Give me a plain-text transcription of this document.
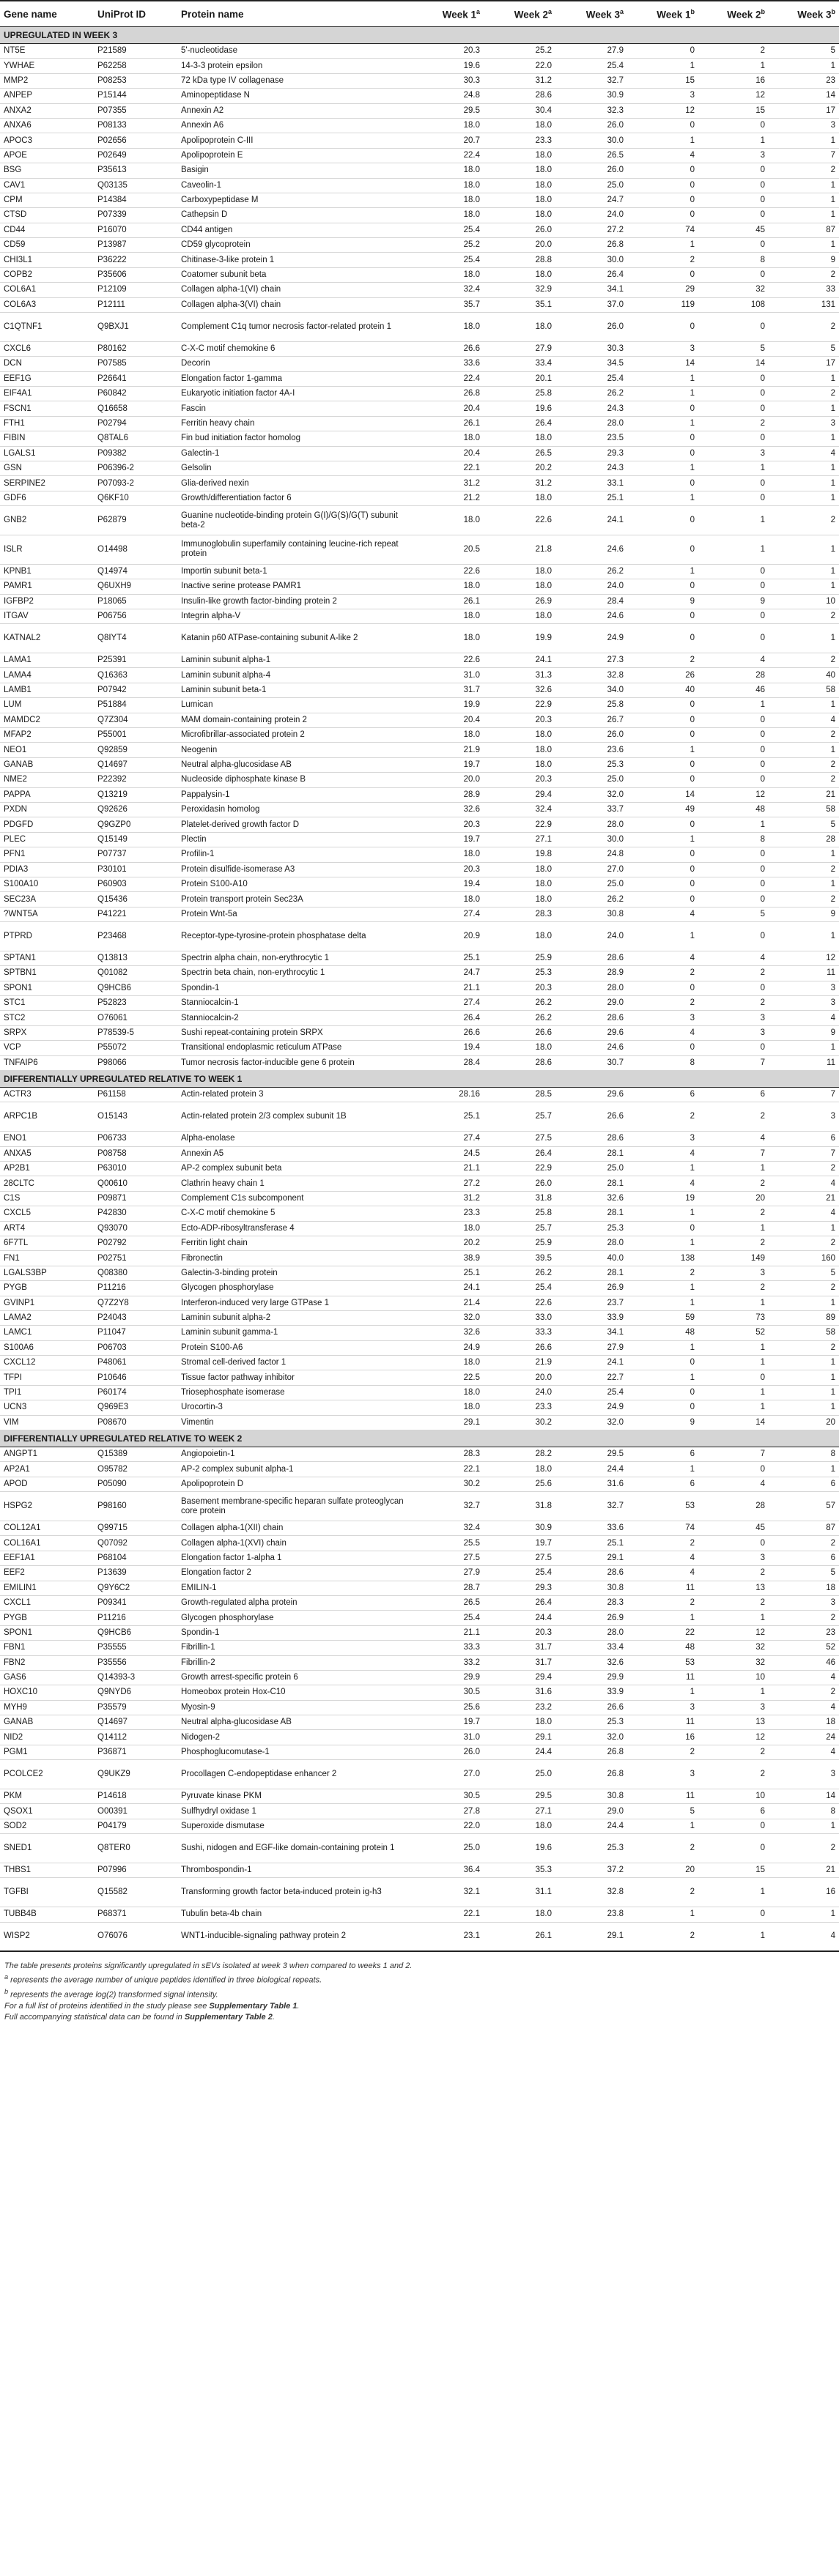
Gene name	UniProt ID	Protein name	Week 1$^a$	Week 2$^a$	Week 3$^a$	Week 1$^b$	Week 2$^b$	Week 3$^b$
UPREGULATED IN WEEK 3								
NT5E	P21589	5'-nucleotidase	20.3	25.2	27.9	0	2	5
YWHAE	P62258	14-3-3 protein epsilon	19.6	22.0	25.4	1	1	1
MMP2	P08253	72 kDa type IV collagenase	30.3	31.2	32.7	15	16	23
ANPEP	P15144	Aminopeptidase N	24.8	28.6	30.9	3	12	14
ANXA2	P07355	Annexin A2	29.5	30.4	32.3	12	15	17
ANXA6	P08133	Annexin A6	18.0	18.0	26.0	0	0	3
APOC3	P02656	Apolipoprotein C-III	20.7	23.3	30.0	1	1	1
APOE	P02649	Apolipoprotein E	22.4	18.0	26.5	4	3	7
BSG	P35613	Basigin	18.0	18.0	26.0	0	0	2
CAV1	Q03135	Caveolin-1	18.0	18.0	25.0	0	0	1
CPM	P14384	Carboxypeptidase M	18.0	18.0	24.7	0	0	1
CTSD	P07339	Cathepsin D	18.0	18.0	24.0	0	0	1
CD44	P16070	CD44 antigen	25.4	26.0	27.2	74	45	87
CD59	P13987	CD59 glycoprotein	25.2	20.0	26.8	1	0	1
CHI3L1	P36222	Chitinase-3-like protein 1	25.4	28.8	30.0	2	8	9
COPB2	P35606	Coatomer subunit beta	18.0	18.0	26.4	0	0	2
COL6A1	P12109	Collagen alpha-1(VI) chain	32.4	32.9	34.1	29	32	33
COL6A3	P12111	Collagen alpha-3(VI) chain	35.7	35.1	37.0	119	108	131
C1QTNF1	Q9BXJ1	Complement C1q tumor necrosis factor-related protein 1	18.0	18.0	26.0	0	0	2
CXCL6	P80162	C-X-C motif chemokine 6	26.6	27.9	30.3	3	5	5
DCN	P07585	Decorin	33.6	33.4	34.5	14	14	17
EEF1G	P26641	Elongation factor 1-gamma	22.4	20.1	25.4	1	0	1
EIF4A1	P60842	Eukaryotic initiation factor 4A-I	26.8	25.8	26.2	1	0	2
FSCN1	Q16658	Fascin	20.4	19.6	24.3	0	0	1
FTH1	P02794	Ferritin heavy chain	26.1	26.4	28.0	1	2	3
FIBIN	Q8TAL6	Fin bud initiation factor homolog	18.0	18.0	23.5	0	0	1
LGALS1	P09382	Galectin-1	20.4	26.5	29.3	0	3	4
GSN	P06396-2	Gelsolin	22.1	20.2	24.3	1	1	1
SERPINE2	P07093-2	Glia-derived nexin	31.2	31.2	33.1	0	0	1
GDF6	Q6KF10	Growth/differentiation factor 6	21.2	18.0	25.1	1	0	1
GNB2	P62879	Guanine nucleotide-binding protein G(I)/G(S)/G(T) subunit beta-2	18.0	22.6	24.1	0	1	2
ISLR	O14498	Immunoglobulin superfamily containing leucine-rich repeat protein	20.5	21.8	24.6	0	1	1
KPNB1	Q14974	Importin subunit beta-1	22.6	18.0	26.2	1	0	1
PAMR1	Q6UXH9	Inactive serine protease PAMR1	18.0	18.0	24.0	0	0	1
IGFBP2	P18065	Insulin-like growth factor-binding protein 2	26.1	26.9	28.4	9	9	10
ITGAV	P06756	Integrin alpha-V	18.0	18.0	24.6	0	0	2
KATNAL2	Q8IYT4	Katanin p60 ATPase-containing subunit A-like 2	18.0	19.9	24.9	0	0	1
LAMA1	P25391	Laminin subunit alpha-1	22.6	24.1	27.3	2	4	2
LAMA4	Q16363	Laminin subunit alpha-4	31.0	31.3	32.8	26	28	40
LAMB1	P07942	Laminin subunit beta-1	31.7	32.6	34.0	40	46	58
LUM	P51884	Lumican	19.9	22.9	25.8	0	1	1
MAMDC2	Q7Z304	MAM domain-containing protein 2	20.4	20.3	26.7	0	0	4
MFAP2	P55001	Microfibrillar-associated protein 2	18.0	18.0	26.0	0	0	2
NEO1	Q92859	Neogenin	21.9	18.0	23.6	1	0	1
GANAB	Q14697	Neutral alpha-glucosidase AB	19.7	18.0	25.3	0	0	2
NME2	P22392	Nucleoside diphosphate kinase B	20.0	20.3	25.0	0	0	2
PAPPA	Q13219	Pappalysin-1	28.9	29.4	32.0	14	12	21
PXDN	Q92626	Peroxidasin homolog	32.6	32.4	33.7	49	48	58
PDGFD	Q9GZP0	Platelet-derived growth factor D	20.3	22.9	28.0	0	1	5
PLEC	Q15149	Plectin	19.7	27.1	30.0	1	8	28
PFN1	P07737	Profilin-1	18.0	19.8	24.8	0	0	1
PDIA3	P30101	Protein disulfide-isomerase A3	20.3	18.0	27.0	0	0	2
S100A10	P60903	Protein S100-A10	19.4	18.0	25.0	0	0	1
SEC23A	Q15436	Protein transport protein Sec23A	18.0	18.0	26.2	0	0	2
?WNT5A	P41221	Protein Wnt-5a	27.4	28.3	30.8	4	5	9
PTPRD	P23468	Receptor-type-tyrosine-protein phosphatase delta	20.9	18.0	24.0	1	0	1
SPTAN1	Q13813	Spectrin alpha chain, non-erythrocytic 1	25.1	25.9	28.6	4	4	12
SPTBN1	Q01082	Spectrin beta chain, non-erythrocytic 1	24.7	25.3	28.9	2	2	11
SPON1	Q9HCB6	Spondin-1	21.1	20.3	28.0	0	0	3
STC1	P52823	Stanniocalcin-1	27.4	26.2	29.0	2	2	3
STC2	O76061	Stanniocalcin-2	26.4	26.2	28.6	3	3	4
SRPX	P78539-5	Sushi repeat-containing protein SRPX	26.6	26.6	29.6	4	3	9
VCP	P55072	Transitional endoplasmic reticulum ATPase	19.4	18.0	24.6	0	0	1
TNFAIP6	P98066	Tumor necrosis factor-inducible gene 6 protein	28.4	28.6	30.7	8	7	11
DIFFERENTIALLY UPREGULATED RELATIVE TO WEEK 1								
ACTR3	P61158	Actin-related protein 3	28.16	28.5	29.6	6	6	7
ARPC1B	O15143	Actin-related protein 2/3 complex subunit 1B	25.1	25.7	26.6	2	2	3
ENO1	P06733	Alpha-enolase	27.4	27.5	28.6	3	4	6
ANXA5	P08758	Annexin A5	24.5	26.4	28.1	4	7	7
AP2B1	P63010	AP-2 complex subunit beta	21.1	22.9	25.0	1	1	2
28CLTC	Q00610	Clathrin heavy chain 1	27.2	26.0	28.1	4	2	4
C1S	P09871	Complement C1s subcomponent	31.2	31.8	32.6	19	20	21
CXCL5	P42830	C-X-C motif chemokine 5	23.3	25.8	28.1	1	2	4
ART4	Q93070	Ecto-ADP-ribosyltransferase 4	18.0	25.7	25.3	0	1	1
6F7TL	P02792	Ferritin light chain	20.2	25.9	28.0	1	2	2
FN1	P02751	Fibronectin	38.9	39.5	40.0	138	149	160
LGALS3BP	Q08380	Galectin-3-binding protein	25.1	26.2	28.1	2	3	5
PYGB	P11216	Glycogen phosphorylase	24.1	25.4	26.9	1	2	2
GVINP1	Q7Z2Y8	Interferon-induced very large GTPase 1	21.4	22.6	23.7	1	1	1
LAMA2	P24043	Laminin subunit alpha-2	32.0	33.0	33.9	59	73	89
LAMC1	P11047	Laminin subunit gamma-1	32.6	33.3	34.1	48	52	58
S100A6	P06703	Protein S100-A6	24.9	26.6	27.9	1	1	2
CXCL12	P48061	Stromal cell-derived factor 1	18.0	21.9	24.1	0	1	1
TFPI	P10646	Tissue factor pathway inhibitor	22.5	20.0	22.7	1	0	1
TPI1	P60174	Triosephosphate isomerase	18.0	24.0	25.4	0	1	1
UCN3	Q969E3	Urocortin-3	18.0	23.3	24.9	0	1	1
VIM	P08670	Vimentin	29.1	30.2	32.0	9	14	20
DIFFERENTIALLY UPREGULATED RELATIVE TO WEEK 2								
ANGPT1	Q15389	Angiopoietin-1	28.3	28.2	29.5	6	7	8
AP2A1	O95782	AP-2 complex subunit alpha-1	22.1	18.0	24.4	1	0	1
APOD	P05090	Apolipoprotein D	30.2	25.6	31.6	6	4	6
HSPG2	P98160	Basement membrane-specific heparan sulfate proteoglycan core protein	32.7	31.8	32.7	53	28	57
COL12A1	Q99715	Collagen alpha-1(XII) chain	32.4	30.9	33.6	74	45	87
COL16A1	Q07092	Collagen alpha-1(XVI) chain	25.5	19.7	25.1	2	0	2
EEF1A1	P68104	Elongation factor 1-alpha 1	27.5	27.5	29.1	4	3	6
EEF2	P13639	Elongation factor 2	27.9	25.4	28.6	4	2	5
EMILIN1	Q9Y6C2	EMILIN-1	28.7	29.3	30.8	11	13	18
CXCL1	P09341	Growth-regulated alpha protein	26.5	26.4	28.3	2	2	3
PYGB	P11216	Glycogen phosphorylase	25.4	24.4	26.9	1	1	2
SPON1	Q9HCB6	Spondin-1	21.1	20.3	28.0	22	12	23
FBN1	P35555	Fibrillin-1	33.3	31.7	33.4	48	32	52
FBN2	P35556	Fibrillin-2	33.2	31.7	32.6	53	32	46
GAS6	Q14393-3	Growth arrest-specific protein 6	29.9	29.4	29.9	11	10	4
HOXC10	Q9NYD6	Homeobox protein Hox-C10	30.5	31.6	33.9	1	1	2
MYH9	P35579	Myosin-9	25.6	23.2	26.6	3	3	4
GANAB	Q14697	Neutral alpha-glucosidase AB	19.7	18.0	25.3	11	13	18
NID2	Q14112	Nidogen-2	31.0	29.1	32.0	16	12	24
PGM1	P36871	Phosphoglucomutase-1	26.0	24.4	26.8	2	2	4
PCOLCE2	Q9UKZ9	Procollagen C-endopeptidase enhancer 2	27.0	25.0	26.8	3	2	3
PKM	P14618	Pyruvate kinase PKM	30.5	29.5	30.8	11	10	14
QSOX1	O00391	Sulfhydryl oxidase 1	27.8	27.1	29.0	5	6	8
SOD2	P04179	Superoxide dismutase	22.0	18.0	24.4	1	0	1
SNED1	Q8TER0	Sushi, nidogen and EGF-like domain-containing protein 1	25.0	19.6	25.3	2	0	2
THBS1	P07996	Thrombospondin-1	36.4	35.3	37.2	20	15	21
TGFBI	Q15582	Transforming growth factor beta-induced protein ig-h3	32.1	31.1	32.8	2	1	16
TUBB4B	P68371	Tubulin beta-4b chain	22.1	18.0	23.8	1	0	1
WISP2	O76076	WNT1-inducible-signaling pathway protein 2	23.1	26.1	29.1	2	1	4
The table presents proteins significantly upregulated in sEVs isolated at week 3 when compared to weeks 1 and 2.
$^a$ represents the average number of unique peptides identified in three biological repeats.
$^b$ represents the average log(2) transformed signal intensity.
For a full list of proteins identified in the study please see Supplementary Table 1.
Full accompanying statistical data can be found in Supplementary Table 2.
